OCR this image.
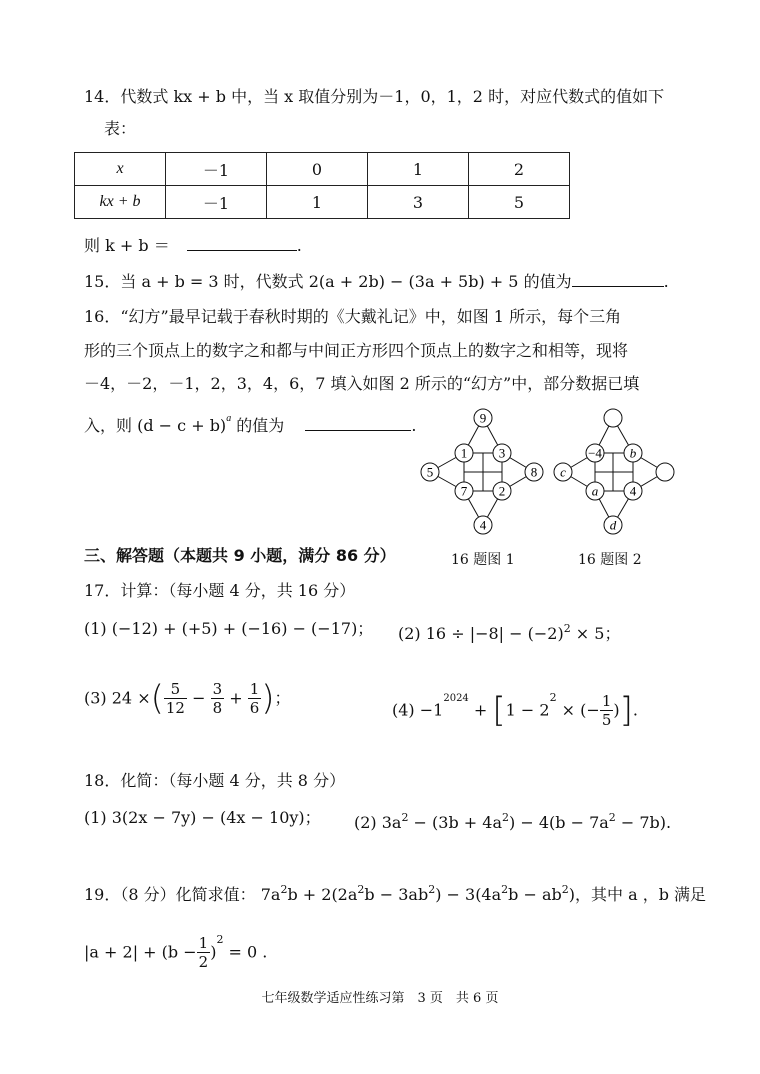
14．代数式 kx + b 中，当 x 取值分别为－1，0，1，2 时，对应代数式的值如下
表：
x	－1	0	1	2
kx + b	－1	1	3	5
则 k + b ＝	.
15．当 a + b = 3 时，代数式 2(a + 2b) − (3a + 5b) + 5 的值为	.
16．“幻方”最早记载于春秋时期的《大戴礼记》中，如图 1 所示，每个三角
形的三个顶点上的数字之和都与中间正方形四个顶点上的数字之和相等，现将
－4，－2，－1，2，3，4，6，7 填入如图 2 所示的“幻方”中，部分数据已填
入，则 $(d - c + b)^a$ 的值为	.	9
1 3
7 2
5	8
4
−4 b
a 4
c
d
16 题图 1	16 题图 2
三、解答题（本题共 9 小题，满分 86 分）
17．计算：（每小题 4 分，共 16 分）
(1) (−12) + (+5) + (−16) − (−17)； (2) $16 \div |-8| - (-2)^2 \times 5$；
(3) 24 ×( $\frac{5}{12} - \frac{3}{8} + \frac{1}{6}$ )；
$(4) -1^{2024} + [1 - 2^2$ × (− $\frac{1}{5}$ )].
18．化简：（每小题 4 分，共 8 分）
(1) 3(2x − 7y) − (4x − 10y)； (2) $3a^2 - (3b + 4a^2) - 4(b - 7a^2 - 7b)$.
19．（8 分）化简求值： $7a^2b + 2(2a^2b - 3ab^2) - 3(4a^2b - ab^2)$，其中 a ，b 满足
$|a + 2| + (b - \frac{1}{2} )^2 = 0$ .
七年级数学适应性练习第　3 页　共 6 页
